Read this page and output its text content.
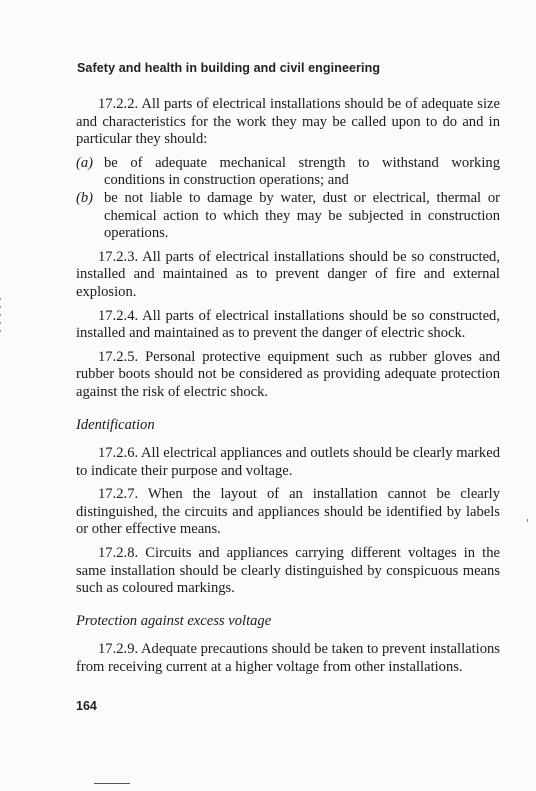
Safety and health in building and civil engineering

17.2.2. All parts of electrical installations should be of adequate size and characteristics for the work they may be called upon to do and in particular they should:

(a) be of adequate mechanical strength to withstand working conditions in construction operations; and
(b) be not liable to damage by water, dust or electrical, thermal or chemical action to which they may be subjected in construction operations.

17.2.3. All parts of electrical installations should be so constructed, installed and maintained as to prevent danger of fire and external explosion.

17.2.4. All parts of electrical installations should be so constructed, installed and maintained as to prevent the danger of electric shock.

17.2.5. Personal protective equipment such as rubber gloves and rubber boots should not be considered as providing adequate protection against the risk of electric shock.

Identification

17.2.6. All electrical appliances and outlets should be clearly marked to indicate their purpose and voltage.

17.2.7. When the layout of an installation cannot be clearly distinguished, the circuits and appliances should be identified by labels or other effective means.

17.2.8. Circuits and appliances carrying different voltages in the same installation should be clearly distinguished by conspicuous means such as coloured markings.

Protection against excess voltage

17.2.9. Adequate precautions should be taken to prevent installations from receiving current at a higher voltage from other installations.

164
